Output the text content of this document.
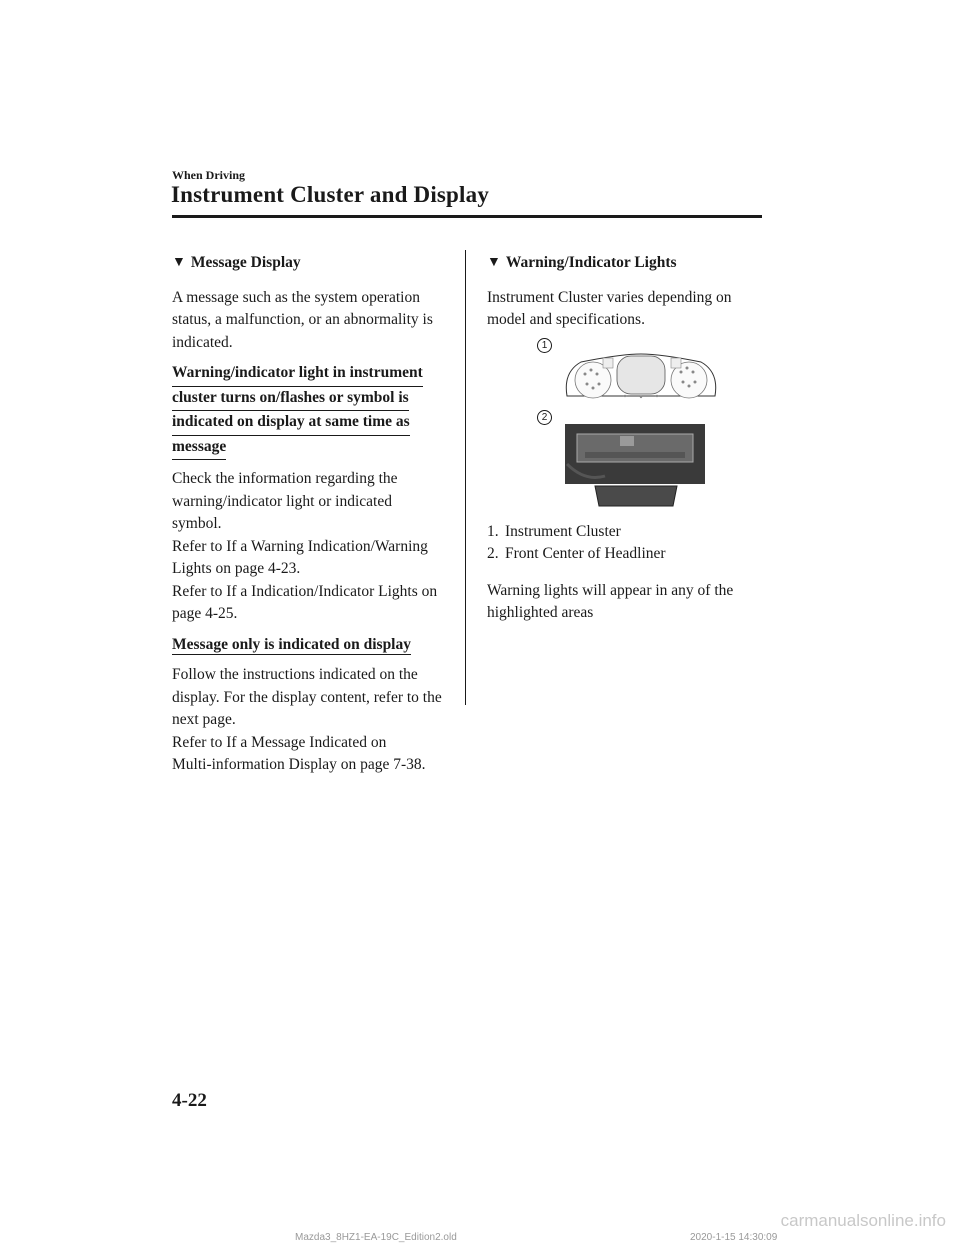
When Driving
Instrument Cluster and Display
▼ Message Display

A message such as the system operation status, a malfunction, or an abnormality is indicated.

Warning/indicator light in instrument
cluster turns on/flashes or symbol is
indicated on display at same time as
message

Check the information regarding the warning/indicator light or indicated symbol.

Refer to If a Warning Indication/Warning Lights on page 4-23.

Refer to If a Indication/Indicator Lights on page 4-25.

Message only is indicated on display

Follow the instructions indicated on the display. For the display content, refer to the next page.

Refer to If a Message Indicated on
Multi-information Display on page 7-38.
▼ Warning/Indicator Lights

Instrument Cluster varies depending on model and specifications.

1
2
1. Instrument Cluster
2. Front Center of Headliner

Warning lights will appear in any of the highlighted areas

4-22
Mazda3_8HZ1-EA-19C_Edition2.old	2020-1-15 14:30:09
carmanualsonline.info
